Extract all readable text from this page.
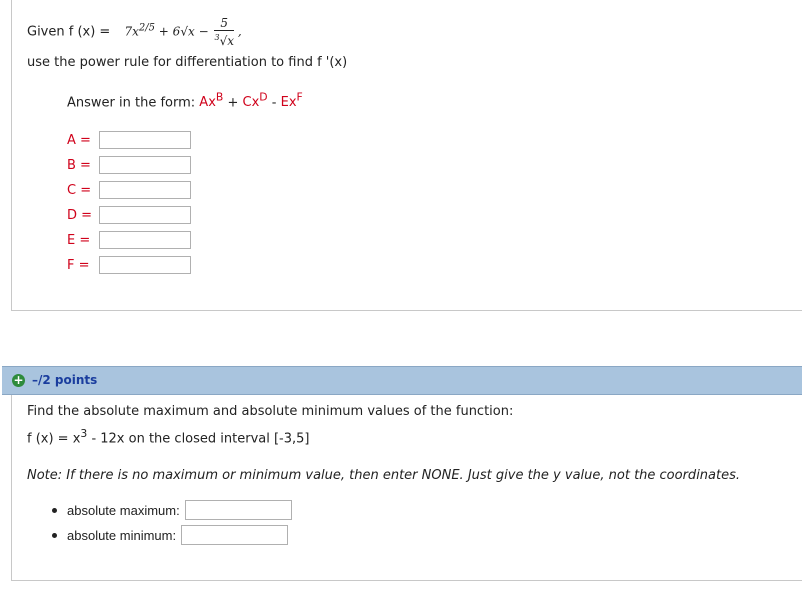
Given f $(x) = 7x^{2/5} + 6√x - \frac{5}{^3√x}$ ,
use the power rule for differentiation to find f '(x)
Answer in the form: $Ax^B + Cx^D - Ex^F$
A =
B =
C =
D =
E =
F =
+ –/2 points
Find the absolute maximum and absolute minimum values of the function:
f $(x) = x^3 - 12x$ on the closed interval [-3,5]
Note: If there is no maximum or minimum value, then enter NONE. Just give the y value, not the coordinates.
absolute maximum:
absolute minimum:
